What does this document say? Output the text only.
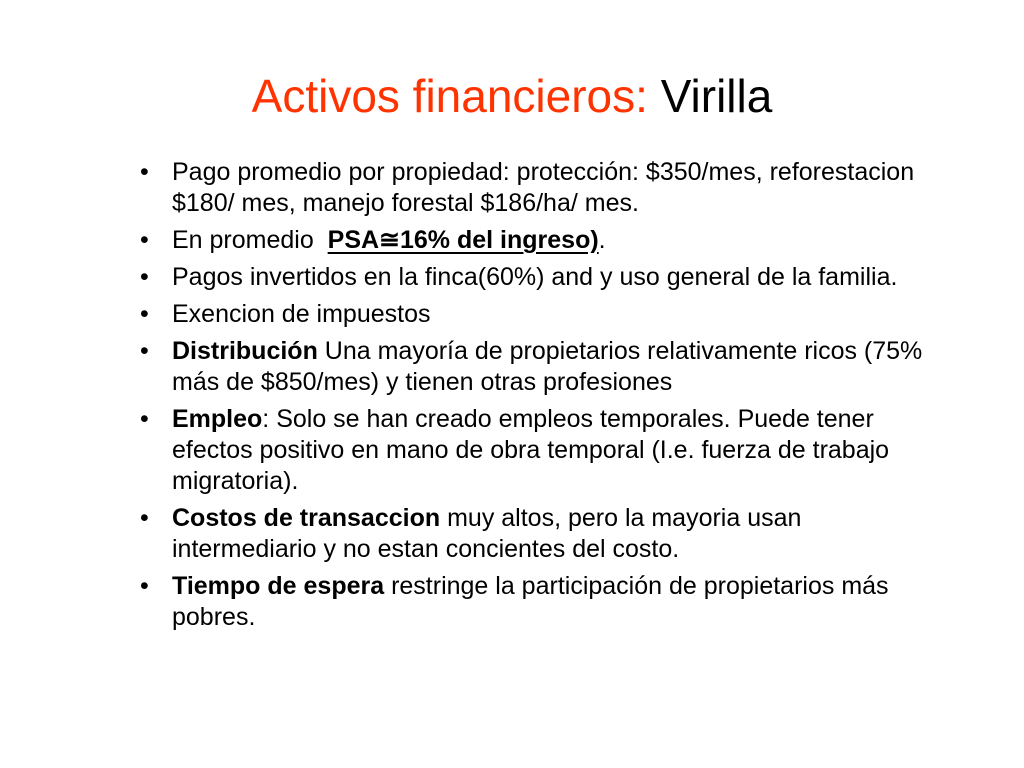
Activos financieros: Virilla
• Pago promedio por propiedad: protección: $350/mes, reforestacion $180/ mes, manejo forestal $186/ha/ mes.
• En promedio  PSA≅16% del ingreso).
• Pagos invertidos en la finca(60%) and y uso general de la familia.
• Exencion de impuestos
• Distribución Una mayoría de propietarios relativamente ricos (75% más de $850/mes) y tienen otras profesiones
• Empleo: Solo se han creado empleos temporales. Puede tener efectos positivo en mano de obra temporal (I.e. fuerza de trabajo migratoria).
• Costos de transaccion muy altos, pero la mayoria usan intermediario y no estan concientes del costo.
• Tiempo de espera restringe la participación de propietarios más pobres.
